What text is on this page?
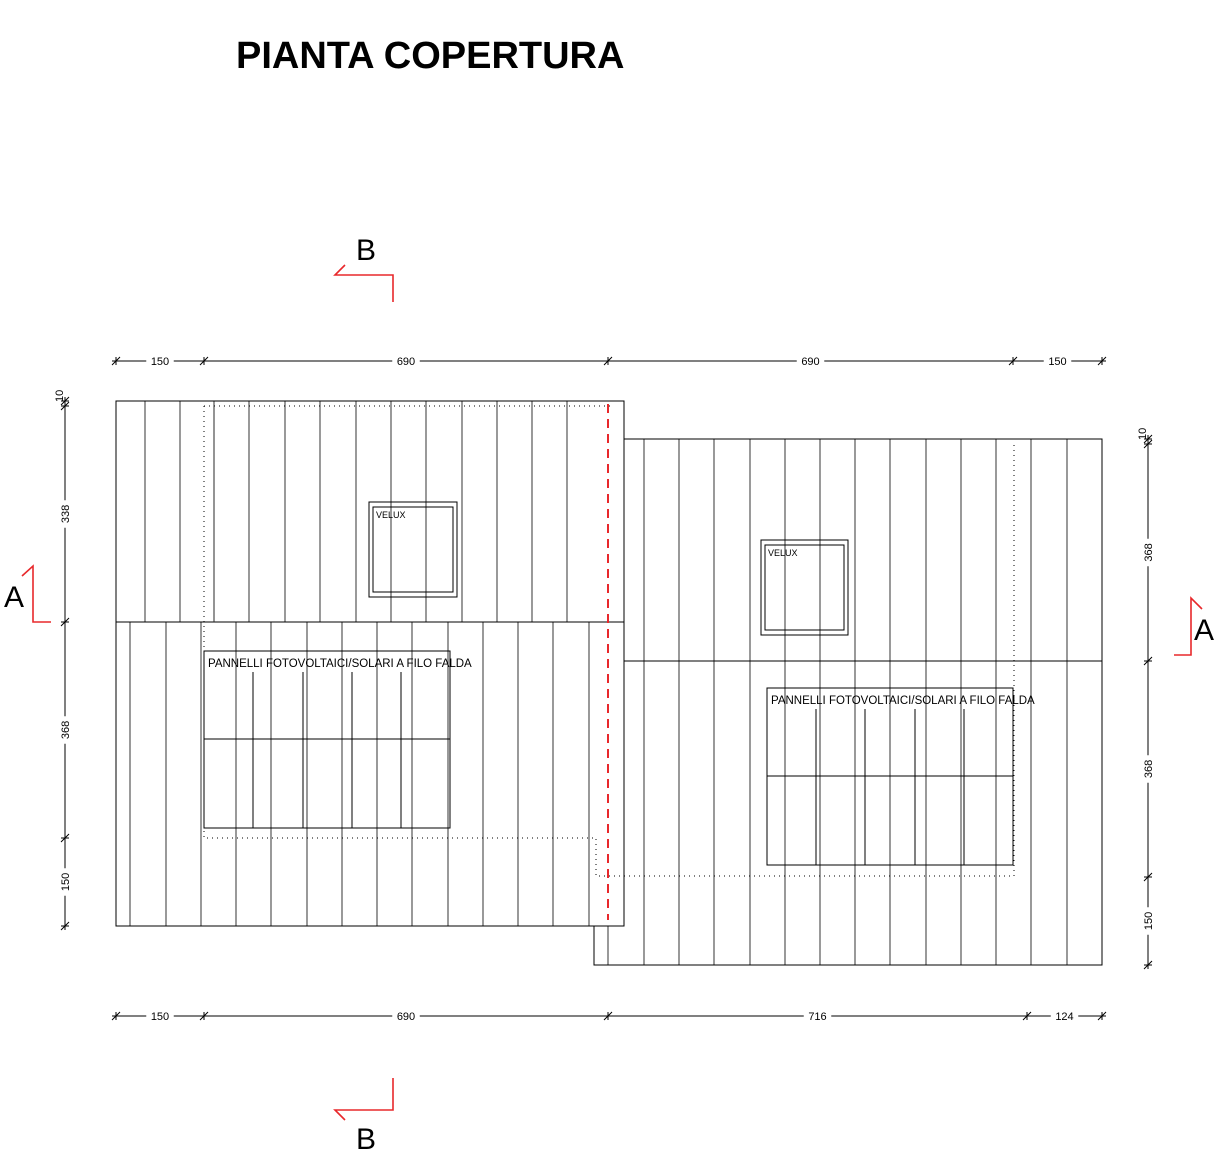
PIANTA COPERTURA
B
B
A
A
150	690	690	150
150	690	716	124
10
338
368
150
10
368
368
150
VELUX
VELUX
PANNELLI FOTOVOLTAICI/SOLARI A FILO FALDA
PANNELLI FOTOVOLTAICI/SOLARI A FILO FALDA
